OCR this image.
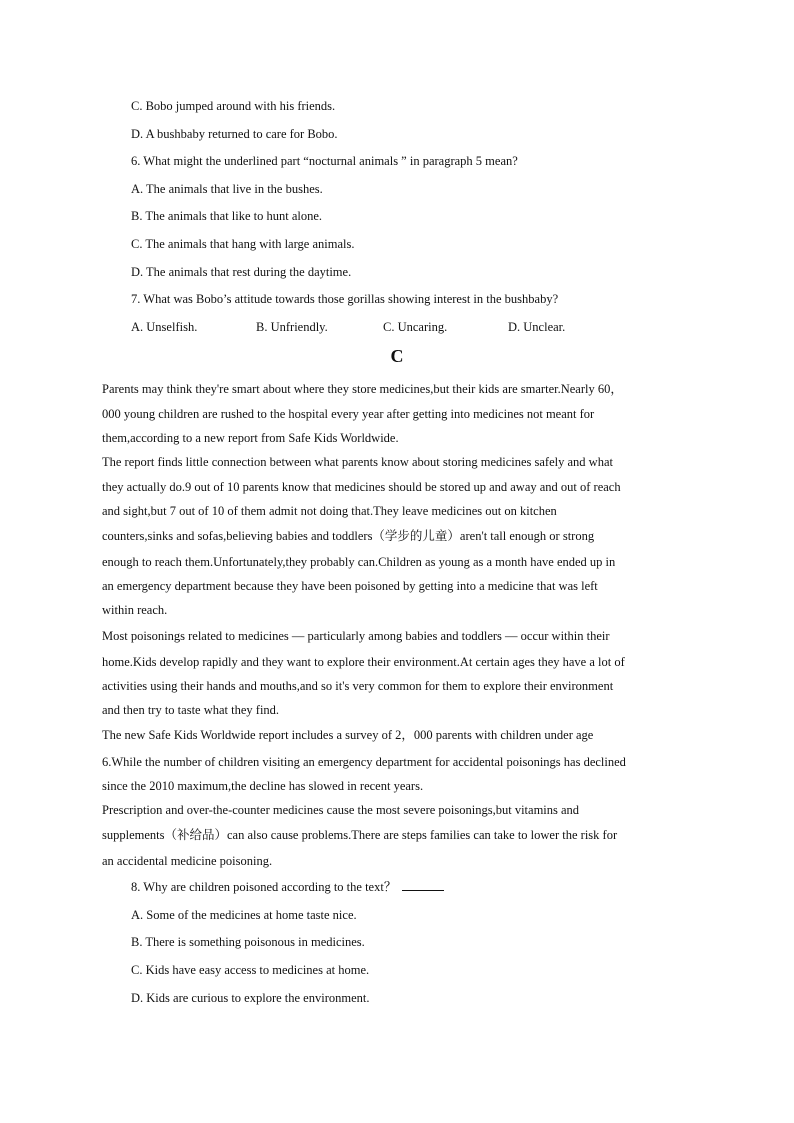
C. Bobo jumped around with his friends.
D. A bushbaby returned to care for Bobo.
6. What might the underlined part “nocturnal animals ” in paragraph 5 mean?
A. The animals that live in the bushes.
B. The animals that like to hunt alone.
C. The animals that hang with large animals.
D. The animals that rest during the daytime.
7. What was Bobo’s attitude towards those gorillas showing interest in the bushbaby?
A. Unselfish.	B. Unfriendly.	C. Uncaring.	D. Unclear.
C
Parents may think they're smart about where they store medicines,but their kids are smarter.Nearly 60，
000 young children are rushed to the hospital every year after getting into medicines not meant for
them,according to a new report from Safe Kids Worldwide.
The report finds little connection between what parents know about storing medicines safely and what
they actually do.9 out of 10 parents know that medicines should be stored up and away and out of reach
and sight,but 7 out of 10 of them admit not doing that.They leave medicines out on kitchen
counters,sinks and sofas,believing babies and toddlers（学步的儿童）aren't tall enough or strong
enough to reach them.Unfortunately,they probably can.Children as young as a month have ended up in
an emergency department because they have been poisoned by getting into a medicine that was left
within reach.
Most poisonings related to medicines — particularly among babies and toddlers — occur within their
home.Kids develop rapidly and they want to explore their environment.At certain ages they have a lot of
activities using their hands and mouths,and so it's very common for them to explore their environment
and then try to taste what they find.
The new Safe Kids Worldwide report includes a survey of 2，000 parents with children under age
6.While the number of children visiting an emergency department for accidental poisonings has declined
since the 2010 maximum,the decline has slowed in recent years.
Prescription and over-the-counter medicines cause the most severe poisonings,but vitamins and
supplements（补给品）can also cause problems.There are steps families can take to lower the risk for
an accidental medicine poisoning.
8. Why are children poisoned according to the text？
A. Some of the medicines at home taste nice.
B. There is something poisonous in medicines.
C. Kids have easy access to medicines at home.
D. Kids are curious to explore the environment.
